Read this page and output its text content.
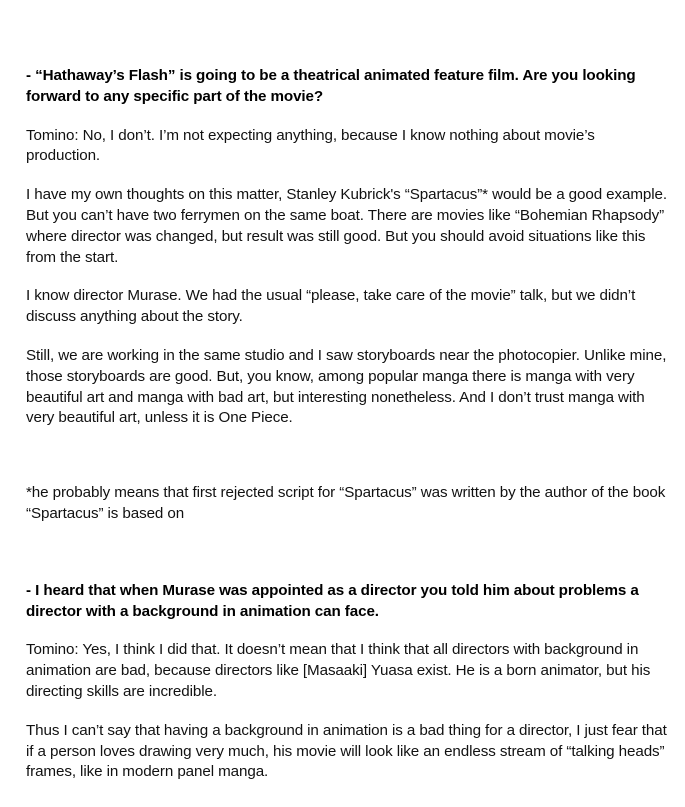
- “Hathaway’s Flash” is going to be a theatrical animated feature film. Are you looking forward to any specific part of the movie?

Tomino: No, I don’t. I’m not expecting anything, because I know nothing about movie’s production.

I have my own thoughts on this matter, Stanley Kubrick's “Spartacus”* would be a good example. But you can’t have two ferrymen on the same boat. There are movies like “Bohemian Rhapsody” where director was changed, but result was still good. But you should avoid situations like this from the start.

I know director Murase. We had the usual “please, take care of the movie” talk, but we didn’t discuss anything about the story.

Still, we are working in the same studio and I saw storyboards near the photocopier. Unlike mine, those storyboards are good. But, you know, among popular manga there is manga with very beautiful art and manga with bad art, but interesting nonetheless. And I don’t trust manga with very beautiful art, unless it is One Piece.

*he probably means that first rejected script for “Spartacus” was written by the author of the book “Spartacus” is based on

- I heard that when Murase was appointed as a director you told him about problems a director with a background in animation can face.

Tomino: Yes, I think I did that. It doesn’t mean that I think that all directors with background in animation are bad, because directors like [Masaaki] Yuasa exist. He is a born animator, but his directing skills are incredible.

Thus I can’t say that having a background in animation is a bad thing for a director, I just fear that if a person loves drawing very much, his movie will look like an endless stream of “talking heads” frames, like in modern panel manga.
